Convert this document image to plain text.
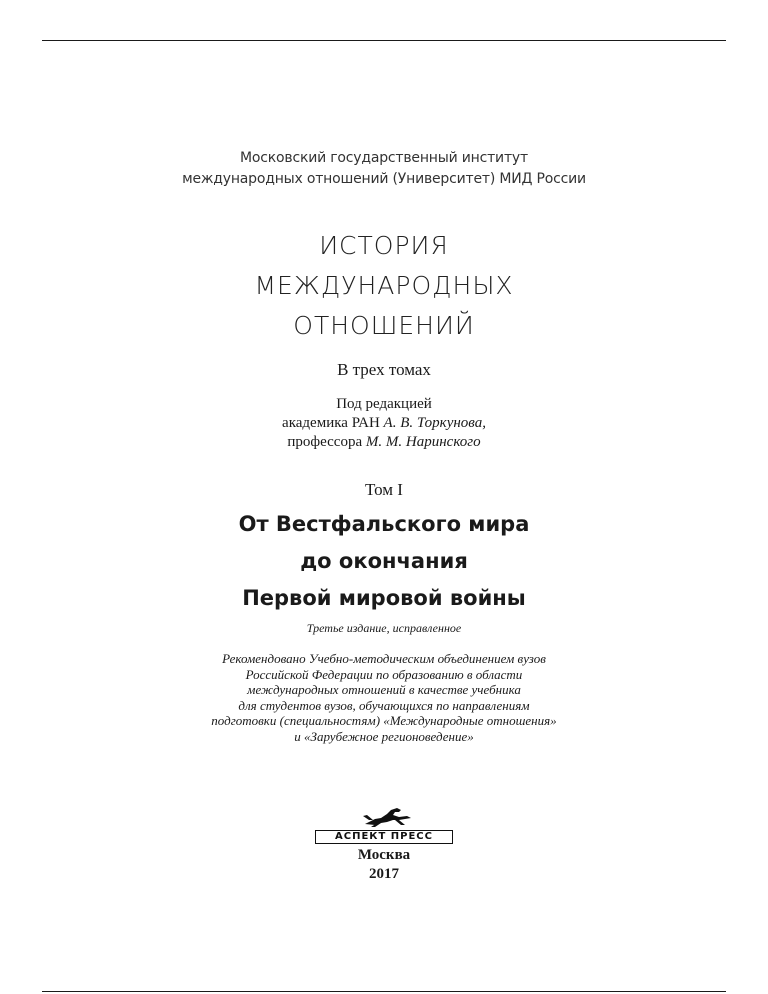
Московский государственный институт
международных отношений (Университет) МИД России
ИСТОРИЯ
МЕЖДУНАРОДНЫХ
ОТНОШЕНИЙ
В трех томах
Под редакцией
академика РАН А. В. Торкунова,
профессора М. М. Наринского
Том I
От Вестфальского мира
до окончания
Первой мировой войны
Третье издание, исправленное
Рекомендовано Учебно-методическим объединением вузов
Российской Федерации по образованию в области
международных отношений в качестве учебника
для студентов вузов, обучающихся по направлениям
подготовки (специальностям) «Международные отношения»
и «Зарубежное регионоведение»
АСПЕКТ ПРЕСС
Москва
2017
